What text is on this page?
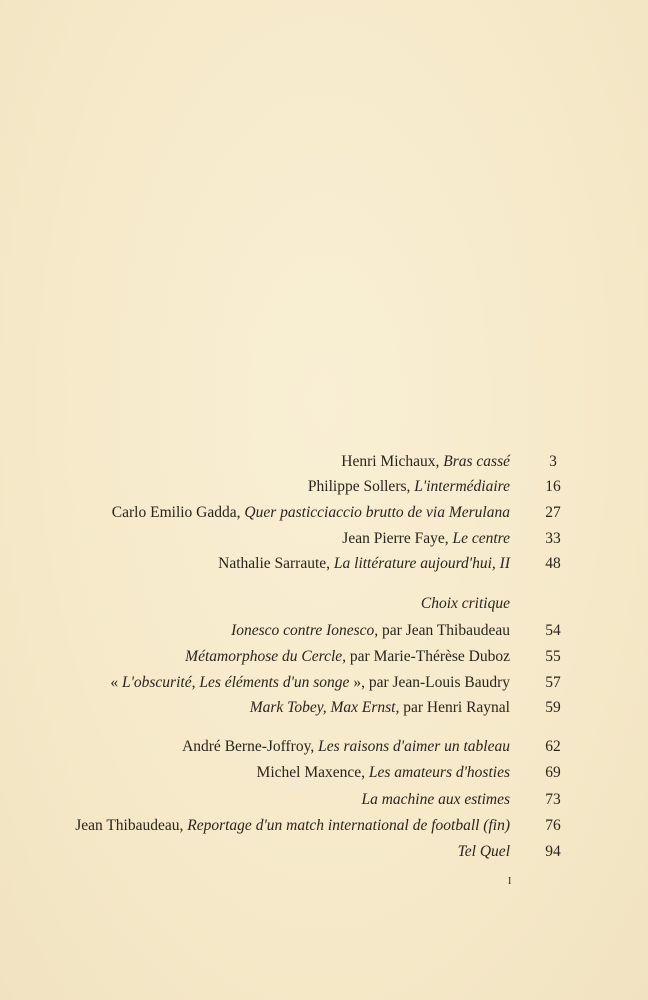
Henri Michaux, Bras cassé	3
Philippe Sollers, L'intermédiaire	16
Carlo Emilio Gadda, Quer pasticciaccio brutto de via Merulana	27
Jean Pierre Faye, Le centre	33
Nathalie Sarraute, La littérature aujourd'hui, II	48
Choix critique
Ionesco contre Ionesco, par Jean Thibaudeau	54
Métamorphose du Cercle, par Marie-Thérèse Duboz	55
« L'obscurité, Les éléments d'un songe », par Jean-Louis Baudry	57
Mark Tobey, Max Ernst, par Henri Raynal	59
André Berne-Joffroy, Les raisons d'aimer un tableau	62
Michel Maxence, Les amateurs d'hosties	69
La machine aux estimes	73
Jean Thibaudeau, Reportage d'un match international de football (fin)	76
Tel Quel	94
I
